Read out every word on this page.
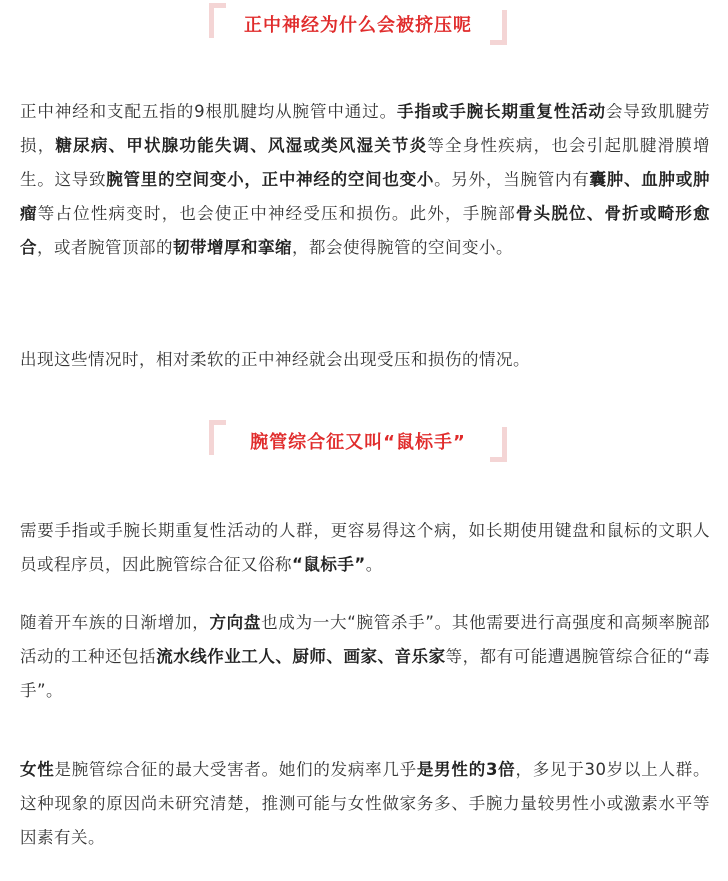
正中神经为什么会被挤压呢

正中神经和支配五指的9根肌腱均从腕管中通过。手指或手腕长期重复性活动会导致肌腱劳损，糖尿病、甲状腺功能失调、风湿或类风湿关节炎等全身性疾病，也会引起肌腱滑膜增生。这导致腕管里的空间变小，正中神经的空间也变小。另外，当腕管内有囊肿、血肿或肿瘤等占位性病变时，也会使正中神经受压和损伤。此外，手腕部骨头脱位、骨折或畸形愈合，或者腕管顶部的韧带增厚和挛缩，都会使得腕管的空间变小。

出现这些情况时，相对柔软的正中神经就会出现受压和损伤的情况。

腕管综合征又叫“鼠标手”

需要手指或手腕长期重复性活动的人群，更容易得这个病，如长期使用键盘和鼠标的文职人员或程序员，因此腕管综合征又俗称“鼠标手”。

随着开车族的日渐增加，方向盘也成为一大“腕管杀手”。其他需要进行高强度和高频率腕部活动的工种还包括流水线作业工人、厨师、画家、音乐家等，都有可能遭遇腕管综合征的“毒手”。

女性是腕管综合征的最大受害者。她们的发病率几乎是男性的3倍，多见于30岁以上人群。这种现象的原因尚未研究清楚，推测可能与女性做家务多、手腕力量较男性小或激素水平等因素有关。
